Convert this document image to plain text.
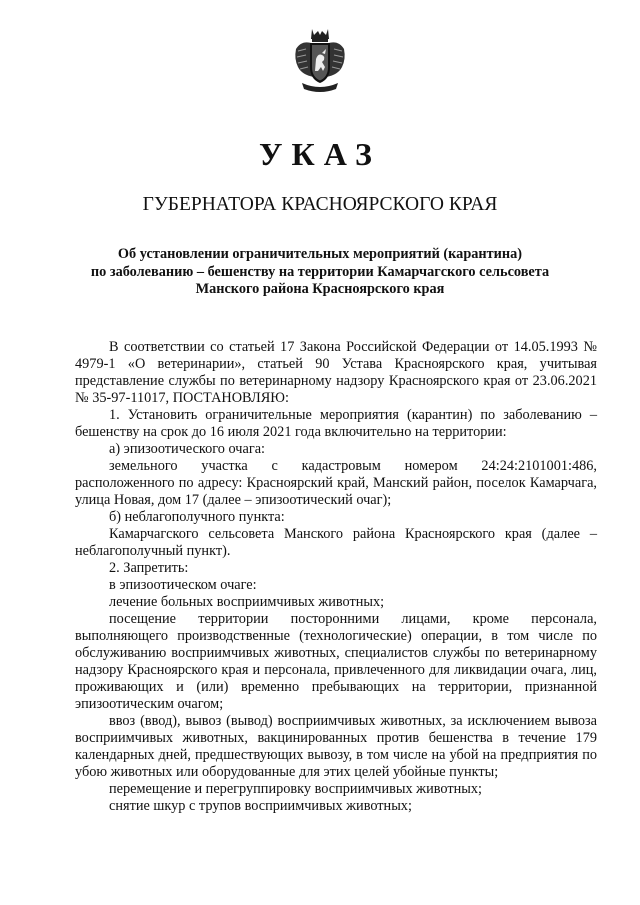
УКАЗ
ГУБЕРНАТОРА КРАСНОЯРСКОГО КРАЯ
Об установлении ограничительных мероприятий (карантина)
по заболеванию – бешенству на территории Камарчагского сельсовета
Манского района Красноярского края
В соответствии со статьей 17 Закона Российской Федерации от 14.05.1993 № 4979-1 «О ветеринарии», статьей 90 Устава Красноярского края, учитывая представление службы по ветеринарному надзору Красноярского края от 23.06.2021 № 35-97-11017, ПОСТАНОВЛЯЮ:
1. Установить ограничительные мероприятия (карантин) по заболеванию – бешенству на срок до 16 июля 2021 года включительно на территории:
а) эпизоотического очага:
земельного участка с кадастровым номером 24:24:2101001:486, расположенного по адресу: Красноярский край, Манский район, поселок Камарчага, улица Новая, дом 17 (далее – эпизоотический очаг);
б) неблагополучного пункта:
Камарчагского сельсовета Манского района Красноярского края (далее – неблагополучный пункт).
2. Запретить:
в эпизоотическом очаге:
лечение больных восприимчивых животных;
посещение территории посторонними лицами, кроме персонала, выполняющего производственные (технологические) операции, в том числе по обслуживанию восприимчивых животных, специалистов службы по ветеринарному надзору Красноярского края и персонала, привлеченного для ликвидации очага, лиц, проживающих и (или) временно пребывающих на территории, признанной эпизоотическим очагом;
ввоз (ввод), вывоз (вывод) восприимчивых животных, за исключением вывоза восприимчивых животных, вакцинированных против бешенства в течение 179 календарных дней, предшествующих вывозу, в том числе на убой на предприятия по убою животных или оборудованные для этих целей убойные пункты;
перемещение и перегруппировку восприимчивых животных;
снятие шкур с трупов восприимчивых животных;
